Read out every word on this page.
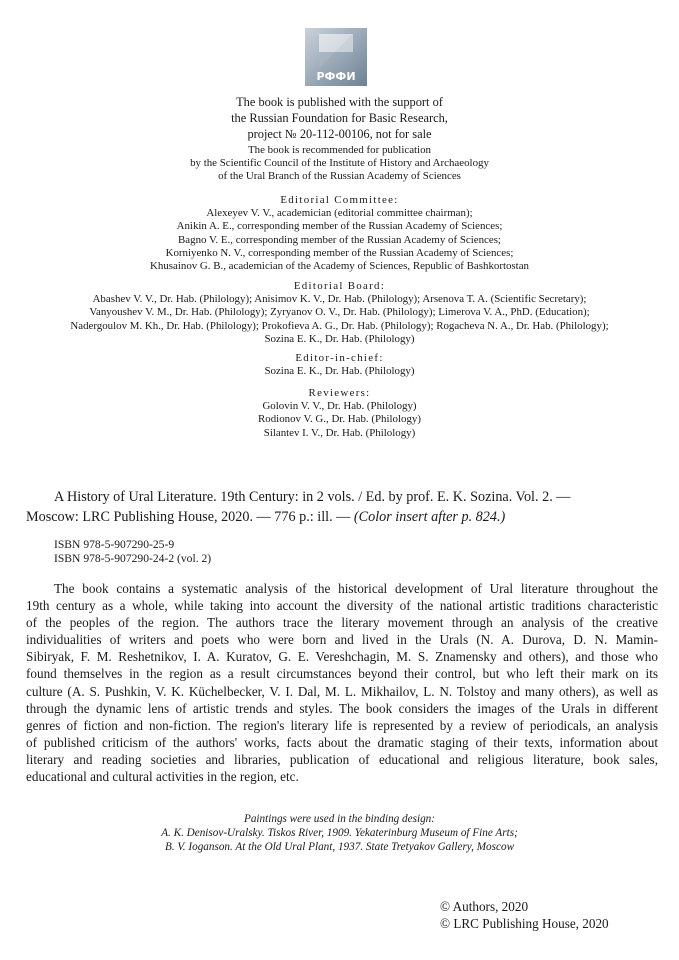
РФФИ
The book is published with the support of
the Russian Foundation for Basic Research,
project № 20-112-00106, not for sale
The book is recommended for publication
by the Scientific Council of the Institute of History and Archaeology
of the Ural Branch of the Russian Academy of Sciences
Editorial Committee:
Alexeyev V. V., academician (editorial committee chairman);
Anikin A. E., corresponding member of the Russian Academy of Sciences;
Bagno V. E., corresponding member of the Russian Academy of Sciences;
Korniyenko N. V., corresponding member of the Russian Academy of Sciences;
Khusainov G. B., academician of the Academy of Sciences, Republic of Bashkortostan
Editorial Board:
Abashev V. V., Dr. Hab. (Philology); Anisimov K. V., Dr. Hab. (Philology); Arsenova T. A. (Scientific Secretary);
Vanyoushev V. M., Dr. Hab. (Philology); Zyryanov O. V., Dr. Hab. (Philology); Limerova V. A., PhD. (Education);
Nadergoulov M. Kh., Dr. Hab. (Philology); Prokofieva A. G., Dr. Hab. (Philology); Rogacheva N. A., Dr. Hab. (Philology);
Sozina E. K., Dr. Hab. (Philology)
Editor-in-chief:
Sozina E. K., Dr. Hab. (Philology)
Reviewers:
Golovin V. V., Dr. Hab. (Philology)
Rodionov V. G., Dr. Hab. (Philology)
Silantev I. V., Dr. Hab. (Philology)
A History of Ural Literature. 19th Century: in 2 vols. / Ed. by prof. E. K. Sozina. Vol. 2. —
Moscow: LRC Publishing House, 2020. — 776 p.: ill. — (Color insert after p. 824.)
ISBN 978-5-907290-25-9
ISBN 978-5-907290-24-2 (vol. 2)
The book contains a systematic analysis of the historical development of Ural literature throughout the
19th century as a whole, while taking into account the diversity of the national artistic traditions characteristic
of the peoples of the region. The authors trace the literary movement through an analysis of the creative
individualities of writers and poets who were born and lived in the Urals (N. A. Durova, D. N. Mamin-
Sibiryak, F. M. Reshetnikov, I. A. Kuratov, G. E. Vereshchagin, M. S. Znamensky and others), and those who
found themselves in the region as a result circumstances beyond their control, but who left their mark on its
culture (A. S. Pushkin, V. K. Küchelbecker, V. I. Dal, M. L. Mikhailov, L. N. Tolstoy and many others), as well as
through the dynamic lens of artistic trends and styles. The book considers the images of the Urals in different
genres of fiction and non-fiction. The region's literary life is represented by a review of periodicals, an analysis
of published criticism of the authors' works, facts about the dramatic staging of their texts, information about
literary and reading societies and libraries, publication of educational and religious literature, book sales,
educational and cultural activities in the region, etc.
Paintings were used in the binding design:
A. K. Denisov-Uralsky. Tiskos River, 1909. Yekaterinburg Museum of Fine Arts;
B. V. Ioganson. At the Old Ural Plant, 1937. State Tretyakov Gallery, Moscow
© Authors, 2020
© LRC Publishing House, 2020
